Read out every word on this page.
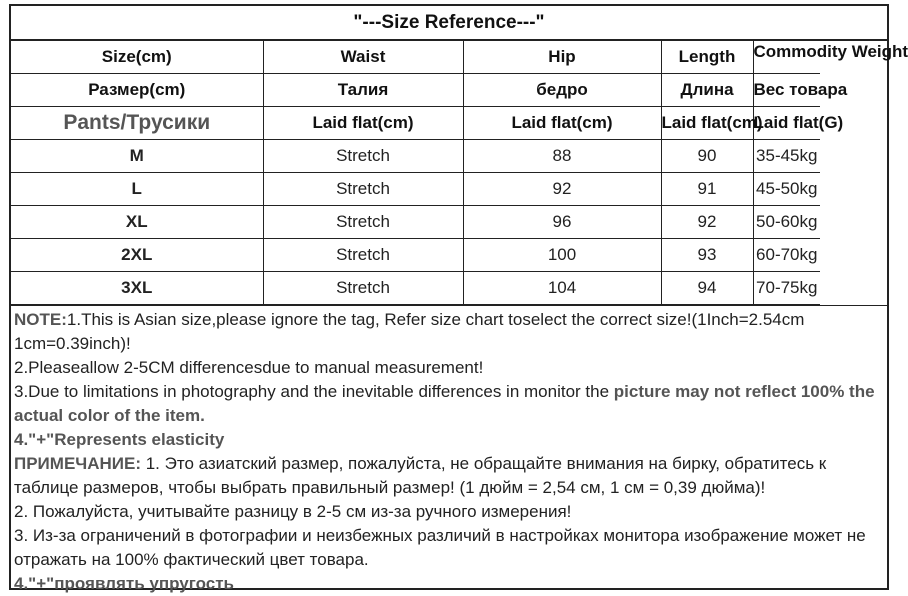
"---Size Reference---"
Size(cm)	Waist	Hip	Length	Commodity Weight

Размер(cm)	Талия	бедро	Длина	Вес товара
Pants/Трусики	Laid flat(cm)	Laid flat(cm)	Laid flat(cm)	Laid flat(G)
M	Stretch	88	90	35-45kg
L	Stretch	92	91	45-50kg
XL	Stretch	96	92	50-60kg
2XL	Stretch	100	93	60-70kg
3XL	Stretch	104	94	70-75kg

NOTE:1.This is Asian size,please ignore the tag, Refer size chart toselect the correct size!(1Inch=2.54cm 1cm=0.39inch)!

2.Pleaseallow 2-5CM differencesdue to manual measurement!

3.Due to limitations in photography and the inevitable differences in monitor the picture may not reflect 100% the actual color of the item.

4."+"Represents elasticity

ПРИМЕЧАНИЕ: 1. Это азиатский размер, пожалуйста, не обращайте внимания на бирку, обратитесь к таблице размеров, чтобы выбрать правильный размер! (1 дюйм = 2,54 см, 1 см = 0,39 дюйма)!

2. Пожалуйста, учитывайте разницу в 2-5 см из-за ручного измерения!

3. Из-за ограничений в фотографии и неизбежных различий в настройках монитора изображение может не отражать на 100% фактический цвет товара.

4."+"проявлять упругость
